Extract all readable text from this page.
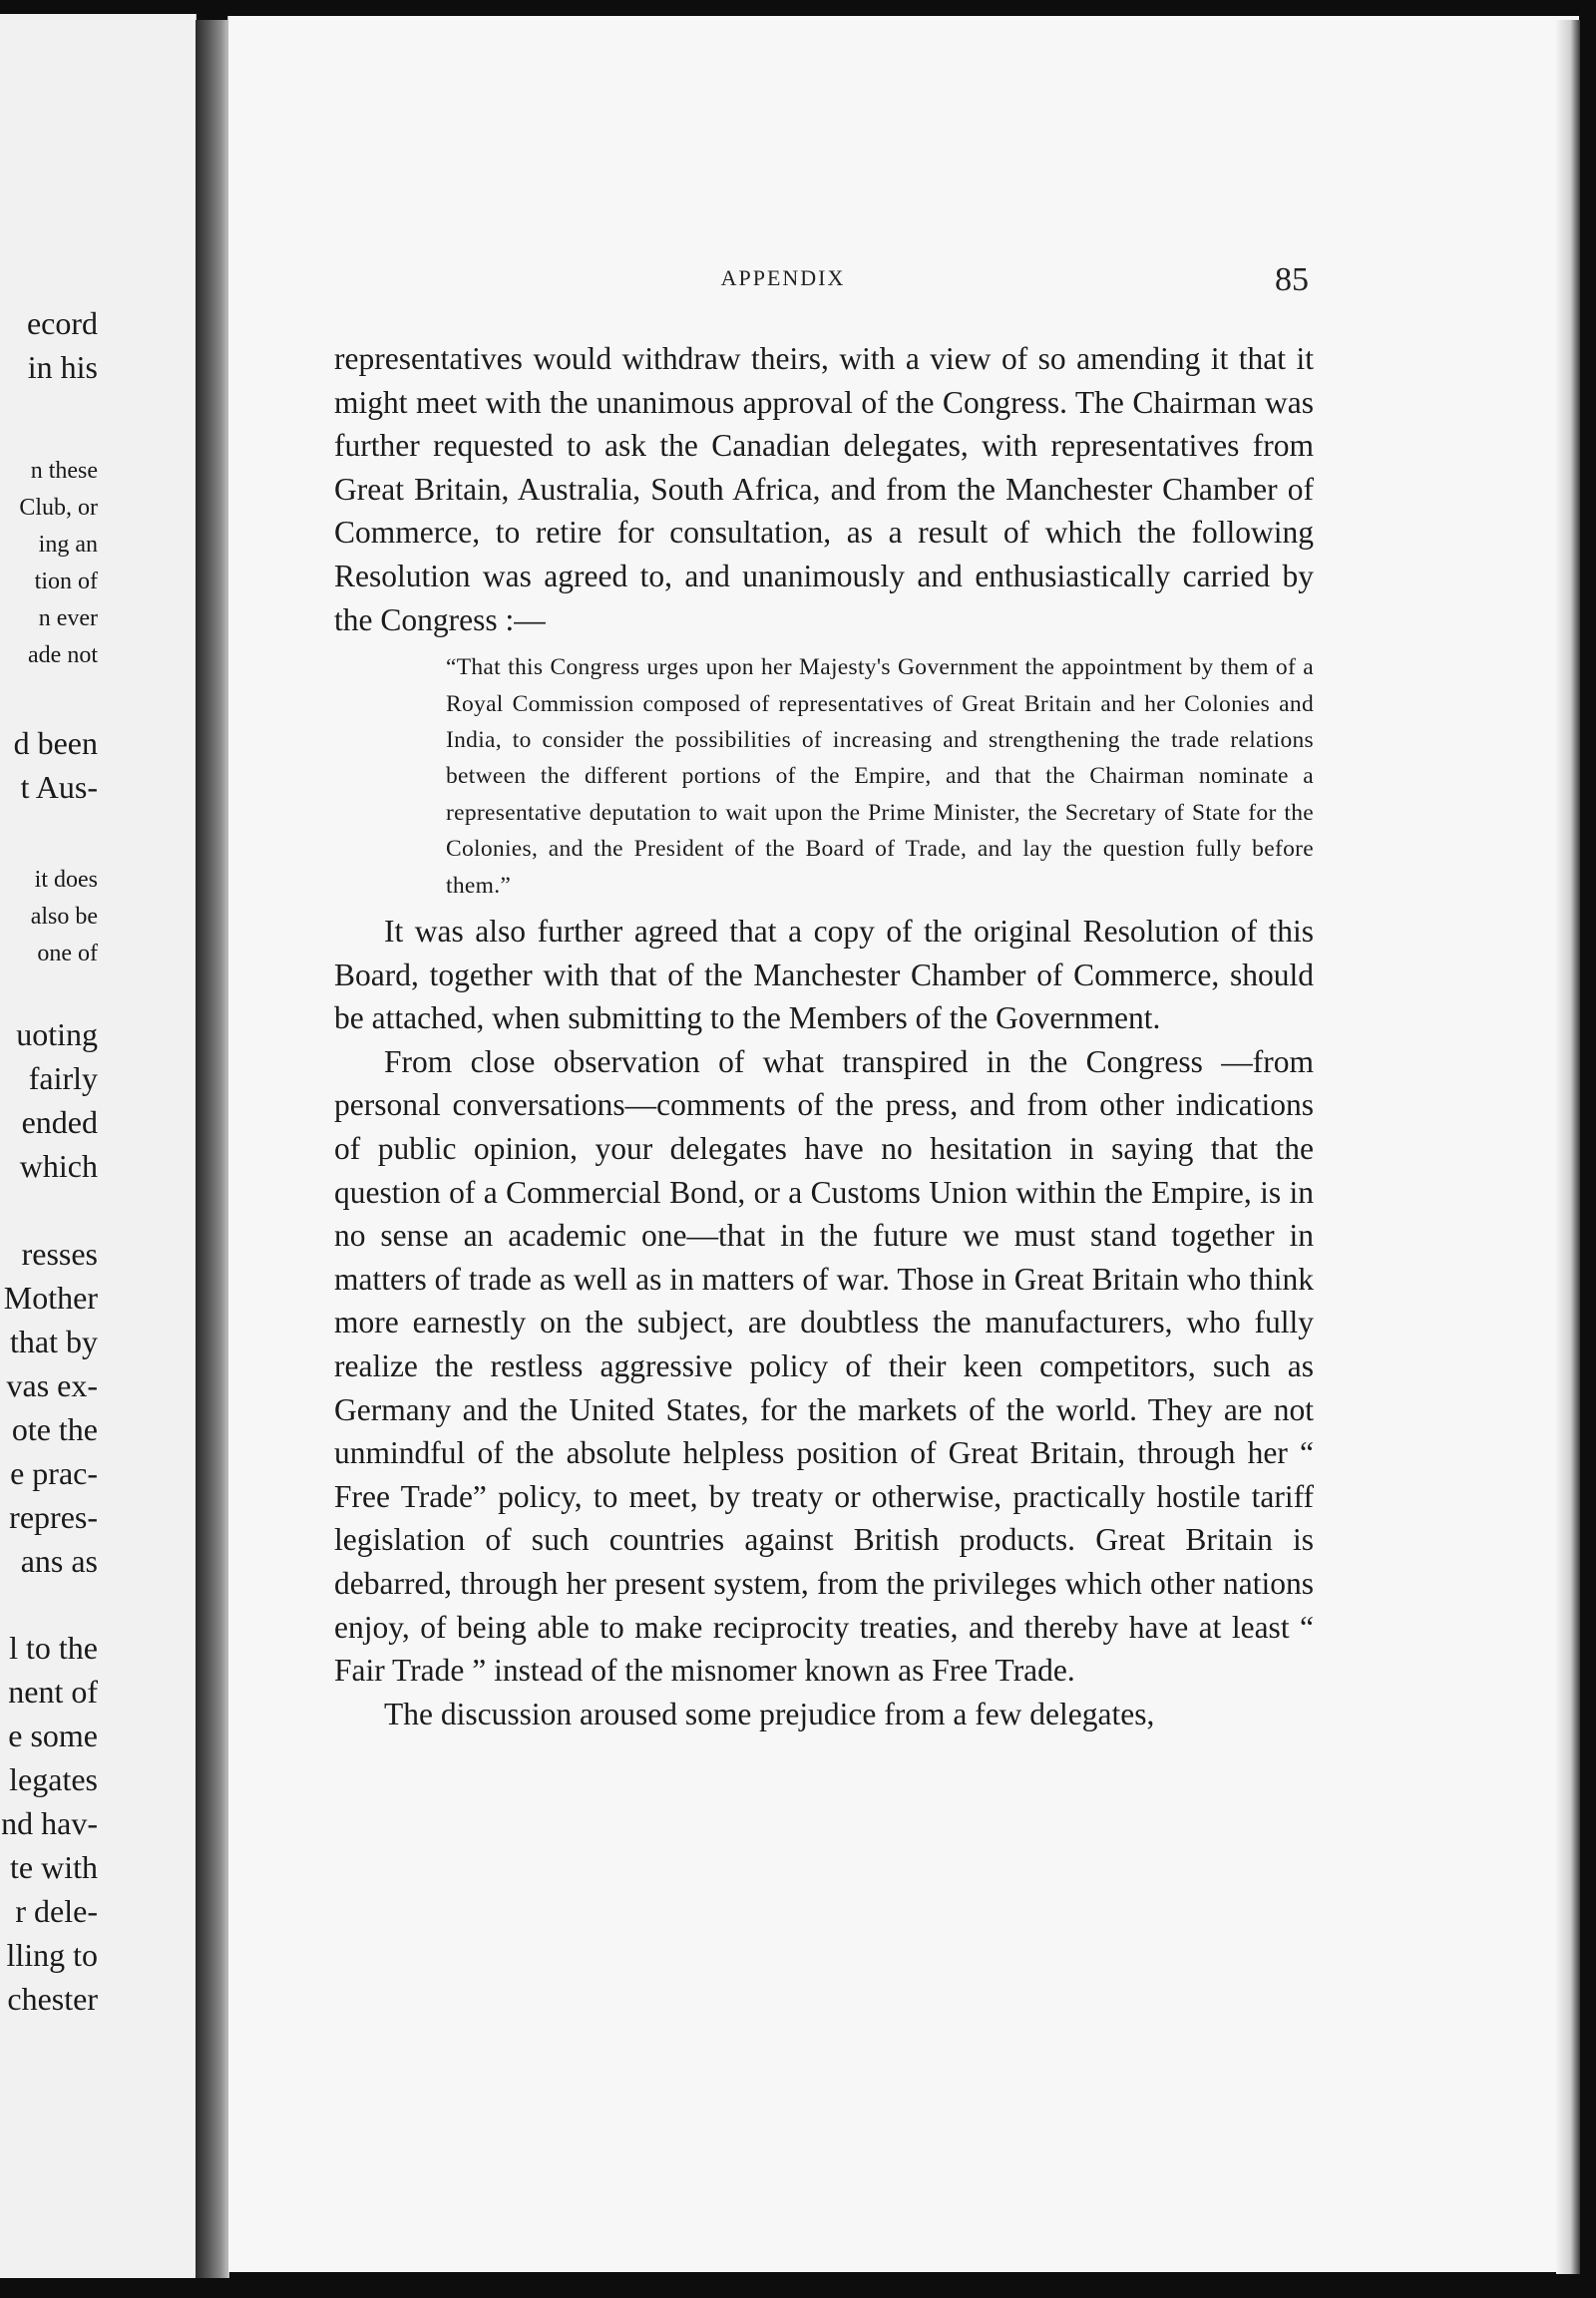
ecord
in his
n these
Club, or
ing an
tion of
n ever
ade not
d been
t Aus-
it does
also be
one of
uoting
fairly
ended
which
resses
Mother
that by
vas ex-
ote the
e prac-
repres-
ans as
l to the
nent of
e some
legates
nd hav-
te with
r dele-
lling to
chester
APPENDIX	85

representatives would withdraw theirs, with a view of so amending it that it might meet with the unanimous approval of the Congress. The Chairman was further requested to ask the Canadian delegates, with representatives from Great Britain, Australia, South Africa, and from the Manchester Chamber of Commerce, to retire for consultation, as a result of which the following Resolution was agreed to, and unanimously and enthusiastically carried by the Congress :—

“That this Congress urges upon her Majesty's Government the appointment by them of a Royal Commission composed of representatives of Great Britain and her Colonies and India, to consider the possibilities of increasing and strengthening the trade relations between the different portions of the Empire, and that the Chairman nominate a representative deputation to wait upon the Prime Minister, the Secretary of State for the Colonies, and the President of the Board of Trade, and lay the question fully before them.”

It was also further agreed that a copy of the original Resolution of this Board, together with that of the Manchester Chamber of Commerce, should be attached, when submitting to the Members of the Government.

From close observation of what transpired in the Congress —from personal conversations—comments of the press, and from other indications of public opinion, your delegates have no hesitation in saying that the question of a Commercial Bond, or a Customs Union within the Empire, is in no sense an academic one—that in the future we must stand together in matters of trade as well as in matters of war. Those in Great Britain who think more earnestly on the subject, are doubtless the manufacturers, who fully realize the restless aggressive policy of their keen competitors, such as Germany and the United States, for the markets of the world. They are not unmindful of the absolute helpless position of Great Britain, through her “ Free Trade” policy, to meet, by treaty or otherwise, practically hostile tariff legislation of such countries against British products. Great Britain is debarred, through her present system, from the privileges which other nations enjoy, of being able to make reciprocity treaties, and thereby have at least “ Fair Trade ” instead of the misnomer known as Free Trade.

The discussion aroused some prejudice from a few delegates,
